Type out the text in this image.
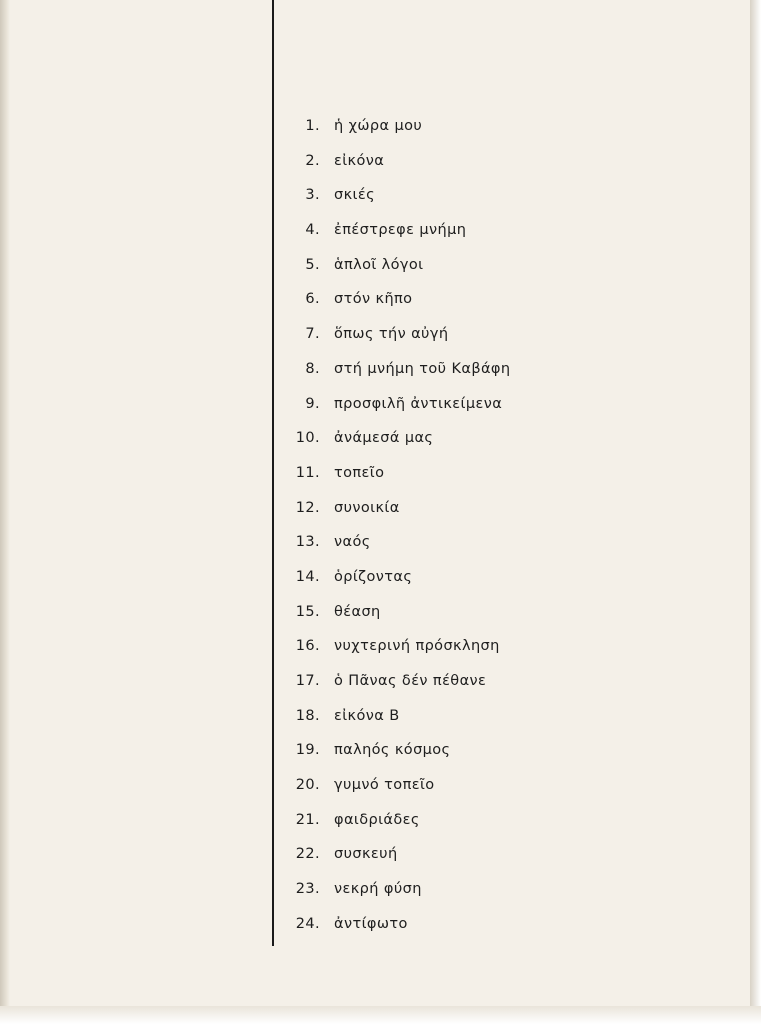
1. ἡ χώρα μου
2. εἰκόνα
3. σκιές
4. ἐπέστρεφε μνήμη
5. ἁπλοῖ λόγοι
6. στόν κῆπο
7. ὅπως τήν αὐγή
8. στή μνήμη τοῦ Καβάφη
9. προσφιλῆ ἀντικείμενα
10. ἀνάμεσά μας
11. τοπεῖο
12. συνοικία
13. ναός
14. ὁρίζοντας
15. θέαση
16. νυχτερινή πρόσκληση
17. ὁ Πᾶνας δέν πέθανε
18. εἰκόνα Β
19. παληός κόσμος
20. γυμνό τοπεῖο
21. φαιδριάδες
22. συσκευή
23. νεκρή φύση
24. ἀντίφωτο
